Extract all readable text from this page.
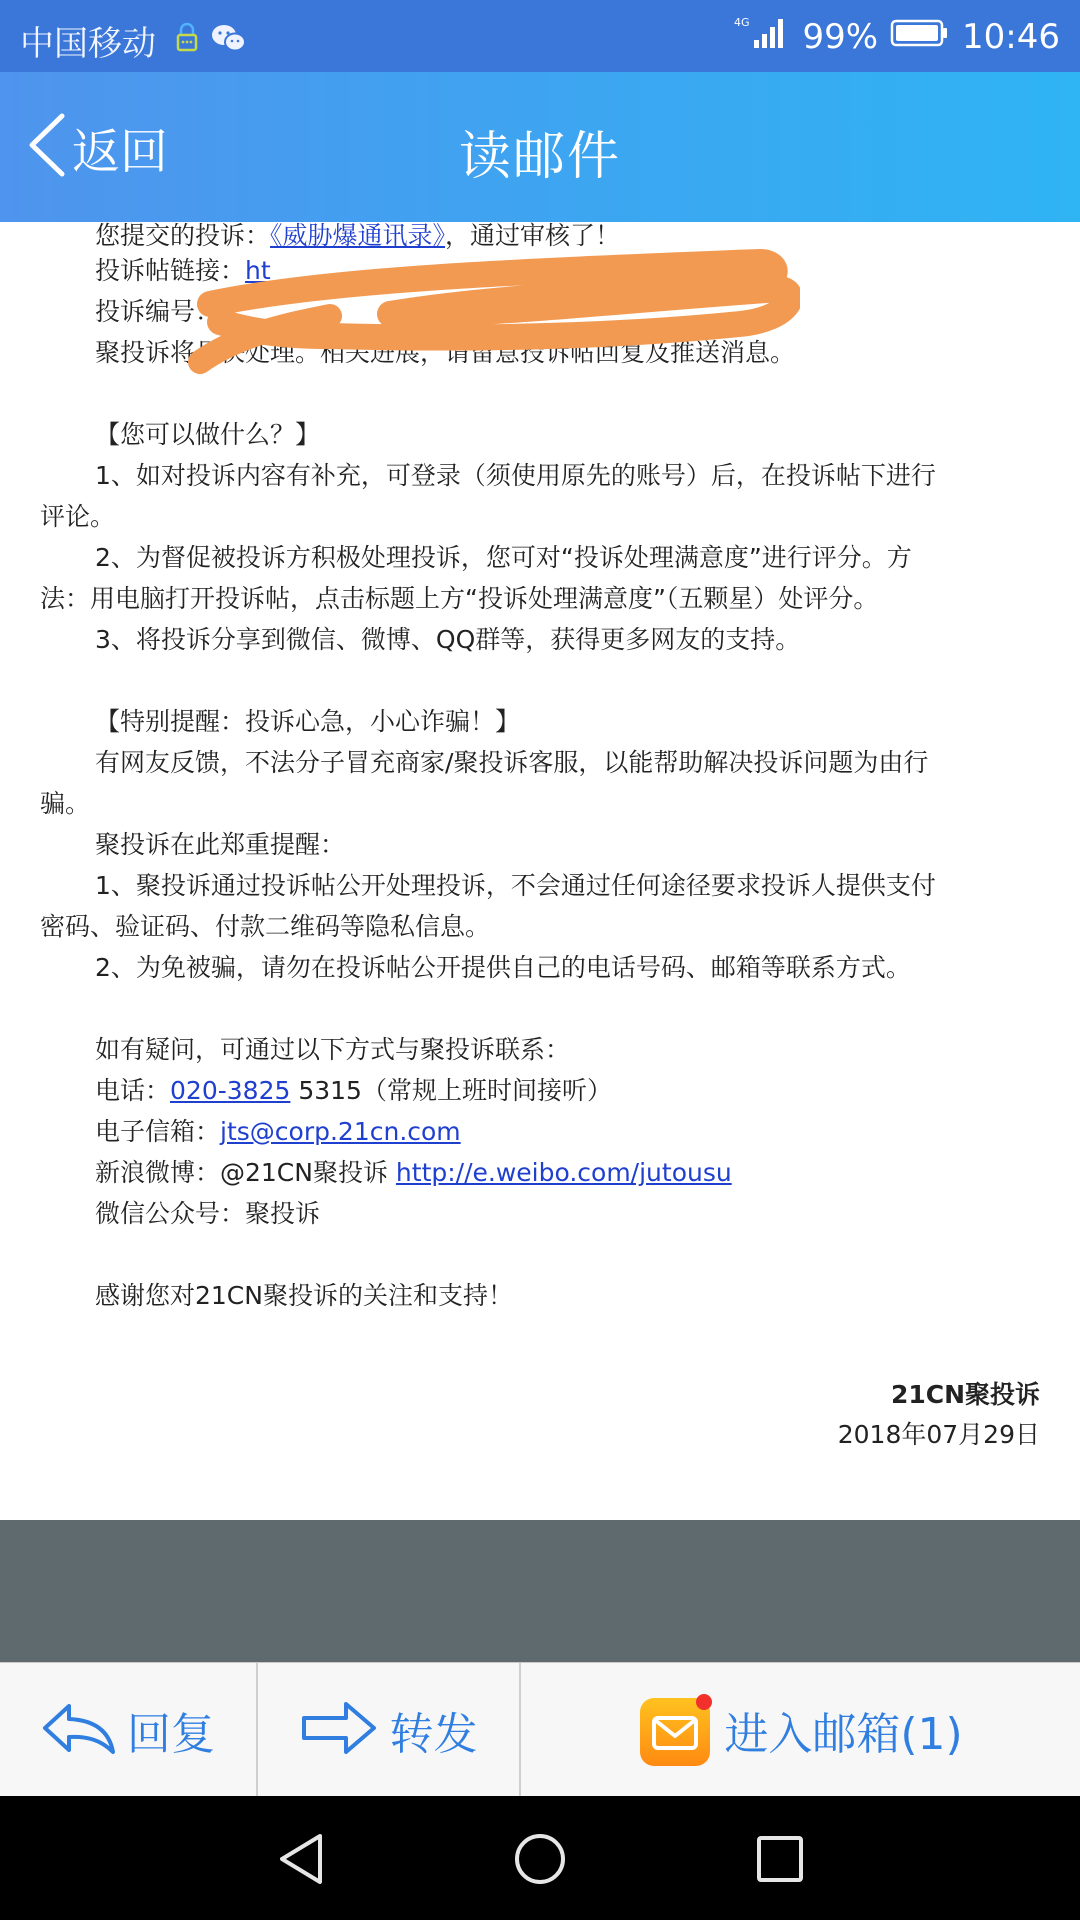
中国移动
4G 99% 10:46
返回	读邮件
您提交的投诉：《威胁爆通讯录》，通过审核了！
投诉帖链接：ht
投诉编号：
聚投诉将尽快处理。相关进展，请留意投诉帖回复及推送消息。
【您可以做什么？】
1、如对投诉内容有补充，可登录（须使用原先的账号）后，在投诉帖下进行
评论。
2、为督促被投诉方积极处理投诉，您可对“投诉处理满意度”进行评分。方
法：用电脑打开投诉帖，点击标题上方“投诉处理满意度”（五颗星）处评分。
3、将投诉分享到微信、微博、QQ群等，获得更多网友的支持。
【特别提醒：投诉心急，小心诈骗！】
有网友反馈，不法分子冒充商家/聚投诉客服，以能帮助解决投诉问题为由行
骗。
聚投诉在此郑重提醒：
1、聚投诉通过投诉帖公开处理投诉，不会通过任何途径要求投诉人提供支付
密码、验证码、付款二维码等隐私信息。
2、为免被骗，请勿在投诉帖公开提供自己的电话号码、邮箱等联系方式。
如有疑问，可通过以下方式与聚投诉联系：
电话：020-3825 5315（常规上班时间接听）
电子信箱：jts@corp.21cn.com
新浪微博：@21CN聚投诉 http://e.weibo.com/jutousu
微信公众号：聚投诉
感谢您对21CN聚投诉的关注和支持！
21CN聚投诉
2018年07月29日
回复	转发	进入邮箱(1)
